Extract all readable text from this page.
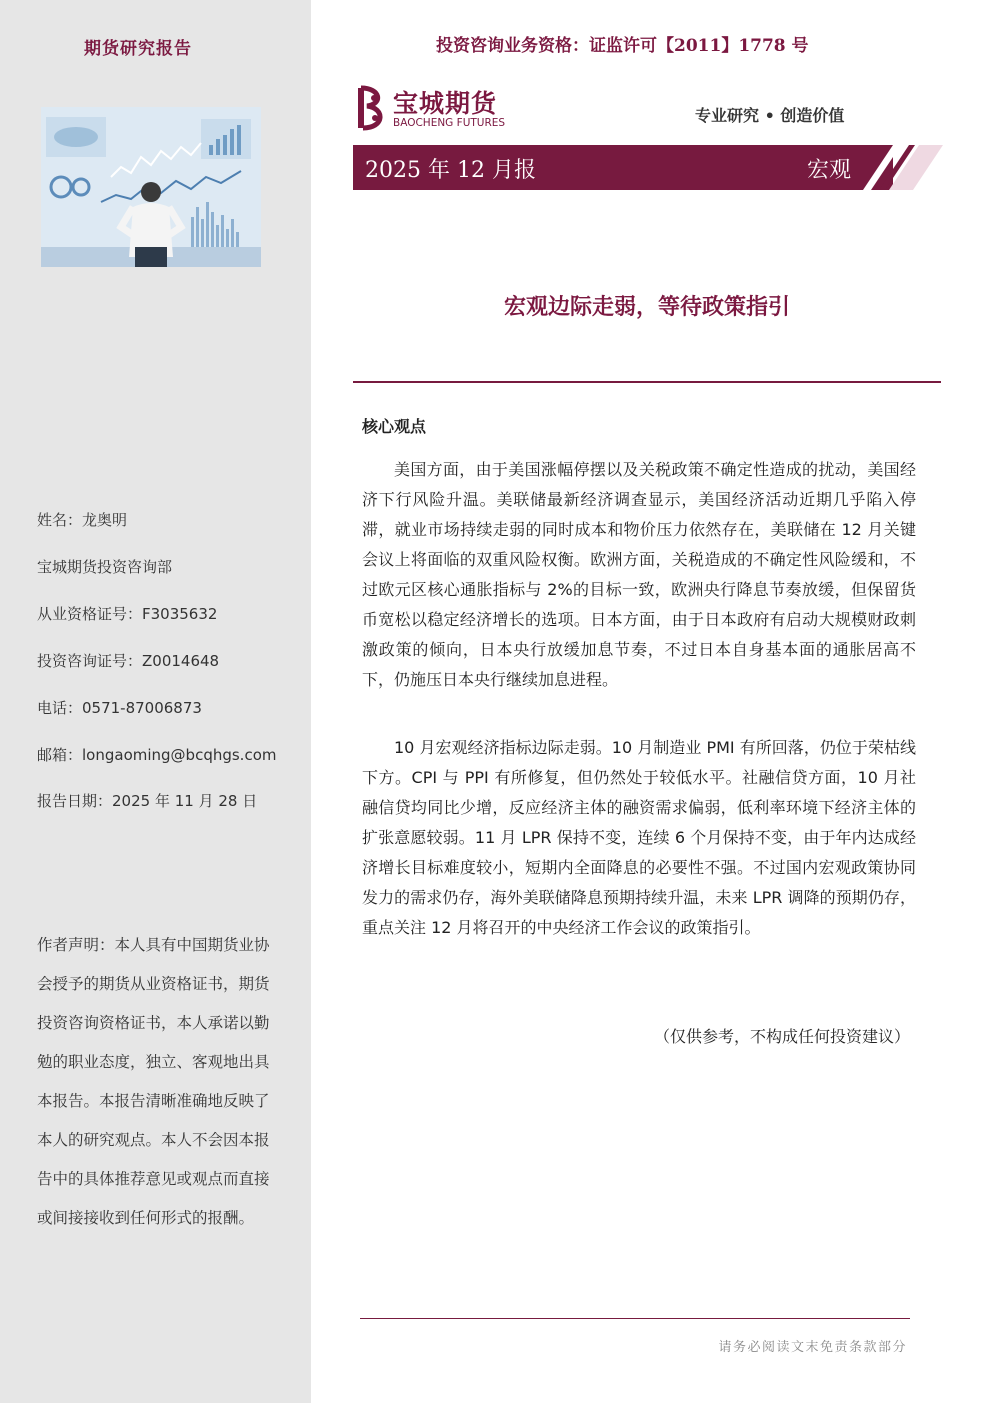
期货研究报告
姓名：龙奥明
宝城期货投资咨询部
从业资格证号：F3035632
投资咨询证号：Z0014648
电话：0571-87006873
邮箱：longaoming@bcqhgs.com
报告日期：2025 年 11 月 28 日

作者声明：本人具有中国期货业协会授予的期货从业资格证书，期货投资咨询资格证书，本人承诺以勤勉的职业态度，独立、客观地出具本报告。本报告清晰准确地反映了本人的研究观点。本人不会因本报告中的具体推荐意见或观点而直接或间接接收到任何形式的报酬。

投资咨询业务资格：证监许可【2011】1778 号
宝城期货
BAOCHENG FUTURES	专业研究 • 创造价值
2025 年 12 月报	宏观
宏观边际走弱，等待政策指引
核心观点

美国方面，由于美国涨幅停摆以及关税政策不确定性造成的扰动，美国经济下行风险升温。美联储最新经济调查显示，美国经济活动近期几乎陷入停滞，就业市场持续走弱的同时成本和物价压力依然存在，美联储在 12 月关键会议上将面临的双重风险权衡。欧洲方面，关税造成的不确定性风险缓和，不过欧元区核心通胀指标与 2%的目标一致，欧洲央行降息节奏放缓，但保留货币宽松以稳定经济增长的选项。日本方面，由于日本政府有启动大规模财政刺激政策的倾向，日本央行放缓加息节奏，不过日本自身基本面的通胀居高不下，仍施压日本央行继续加息进程。

10 月宏观经济指标边际走弱。10 月制造业 PMI 有所回落，仍位于荣枯线下方。CPI 与 PPI 有所修复，但仍然处于较低水平。社融信贷方面，10 月社融信贷均同比少增，反应经济主体的融资需求偏弱，低利率环境下经济主体的扩张意愿较弱。11 月 LPR 保持不变，连续 6 个月保持不变，由于年内达成经济增长目标难度较小，短期内全面降息的必要性不强。不过国内宏观政策协同发力的需求仍存，海外美联储降息预期持续升温，未来 LPR 调降的预期仍存，重点关注 12 月将召开的中央经济工作会议的政策指引。

（仅供参考，不构成任何投资建议）
请务必阅读文末免责条款部分
